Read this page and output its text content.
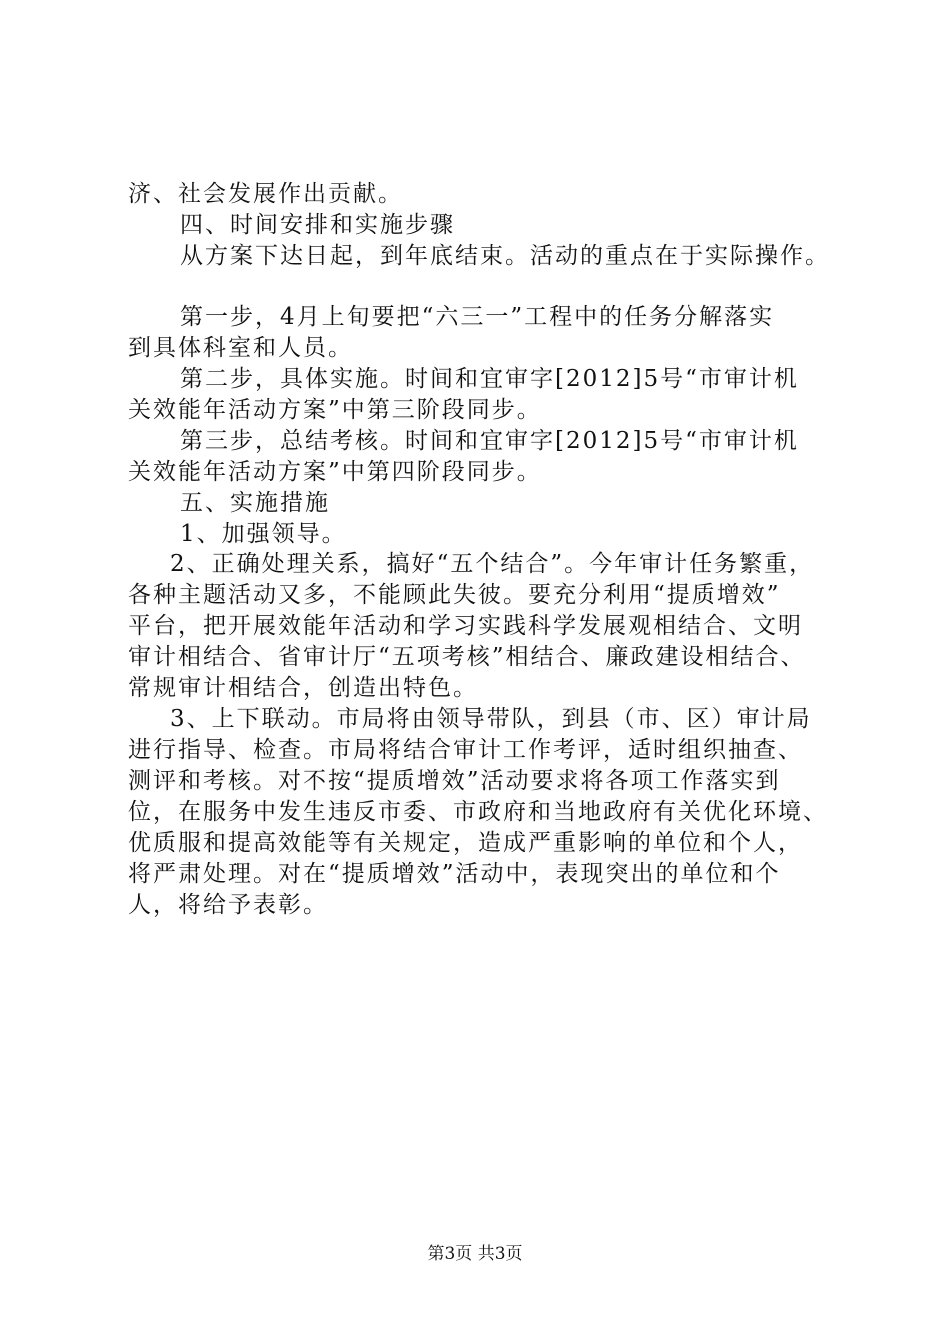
济、社会发展作出贡献。
四、时间安排和实施步骤
从方案下达日起，到年底结束。活动的重点在于实际操作。
第一步，4月上旬要把“六三一”工程中的任务分解落实
到具体科室和人员。
第二步，具体实施。时间和宜审字[2012]5号“市审计机
关效能年活动方案”中第三阶段同步。
第三步，总结考核。时间和宜审字[2012]5号“市审计机
关效能年活动方案”中第四阶段同步。
五、实施措施
1、加强领导。
2、正确处理关系，搞好“五个结合”。今年审计任务繁重，
各种主题活动又多，不能顾此失彼。要充分利用“提质增效”
平台，把开展效能年活动和学习实践科学发展观相结合、文明
审计相结合、省审计厅“五项考核”相结合、廉政建设相结合、
常规审计相结合，创造出特色。
3、上下联动。市局将由领导带队，到县（市、区）审计局
进行指导、检查。市局将结合审计工作考评，适时组织抽查、
测评和考核。对不按“提质增效”活动要求将各项工作落实到
位，在服务中发生违反市委、市政府和当地政府有关优化环境、
优质服和提高效能等有关规定，造成严重影响的单位和个人，
将严肃处理。对在“提质增效”活动中，表现突出的单位和个
人，将给予表彰。
第3页 共3页
